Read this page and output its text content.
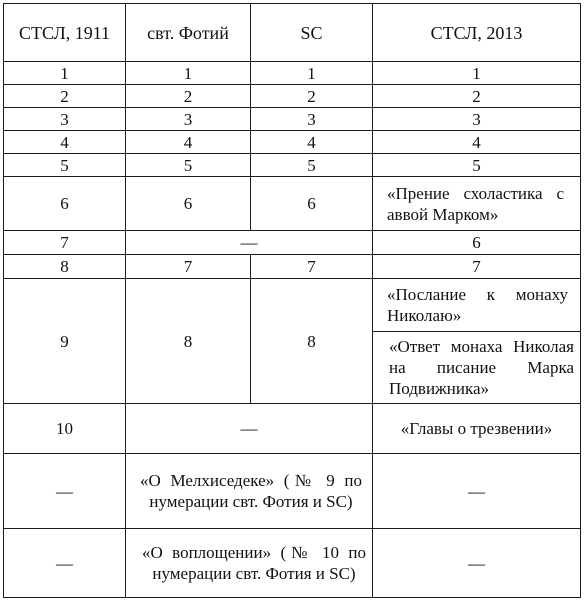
СТСЛ, 1911	свт. Фотий	SC	СТСЛ, 2013
1	1	1	1
2	2	2	2
3	3	3	3
4	4	4	4
5	5	5	5
6	6	6	«Прение схоластика с аввой Марком»
7	—		6
8	7	7	7
9	8	8	«Послание к монаху Николаю»
			«Ответ монаха Николая на писание Марка Подвижника»
10	—		«Главы о трезвении»
—	«О Мелхиседеке» (№ 9 по нумерации свт. Фотия и SC)		—
—	«О воплощении» (№ 10 по нумерации свт. Фотия и SC)		—
